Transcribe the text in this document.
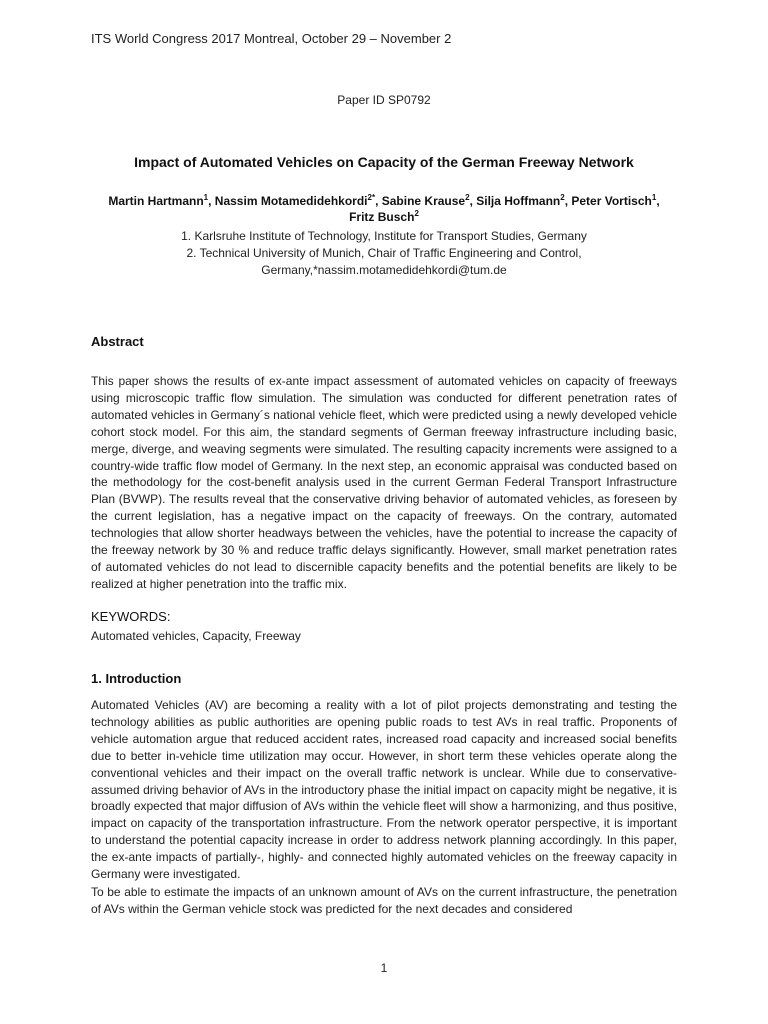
ITS World Congress 2017 Montreal, October 29 – November 2
Paper ID SP0792
Impact of Automated Vehicles on Capacity of the German Freeway Network
Martin Hartmann$^1$, Nassim Motamedidehkordi$^{2*}$, Sabine Krause$^2$, Silja Hoffmann$^2$, Peter Vortisch$^1$,
Fritz Busch$^2$
1. Karlsruhe Institute of Technology, Institute for Transport Studies, Germany
2. Technical University of Munich, Chair of Traffic Engineering and Control,
Germany,*nassim.motamedidehkordi@tum.de
Abstract
This paper shows the results of ex-ante impact assessment of automated vehicles on capacity of freeways using microscopic traffic flow simulation. The simulation was conducted for different penetration rates of automated vehicles in Germany´s national vehicle fleet, which were predicted using a newly developed vehicle cohort stock model. For this aim, the standard segments of German freeway infrastructure including basic, merge, diverge, and weaving segments were simulated. The resulting capacity increments were assigned to a country-wide traffic flow model of Germany. In the next step, an economic appraisal was conducted based on the methodology for the cost-benefit analysis used in the current German Federal Transport Infrastructure Plan (BVWP). The results reveal that the conservative driving behavior of automated vehicles, as foreseen by the current legislation, has a negative impact on the capacity of freeways. On the contrary, automated technologies that allow shorter headways between the vehicles, have the potential to increase the capacity of the freeway network by 30 % and reduce traffic delays significantly. However, small market penetration rates of automated vehicles do not lead to discernible capacity benefits and the potential benefits are likely to be realized at higher penetration into the traffic mix.
KEYWORDS:
Automated vehicles, Capacity, Freeway
1. Introduction
Automated Vehicles (AV) are becoming a reality with a lot of pilot projects demonstrating and testing the technology abilities as public authorities are opening public roads to test AVs in real traffic. Proponents of vehicle automation argue that reduced accident rates, increased road capacity and increased social benefits due to better in-vehicle time utilization may occur. However, in short term these vehicles operate along the conventional vehicles and their impact on the overall traffic network is unclear. While due to conservative-assumed driving behavior of AVs in the introductory phase the initial impact on capacity might be negative, it is broadly expected that major diffusion of AVs within the vehicle fleet will show a harmonizing, and thus positive, impact on capacity of the transportation infrastructure. From the network operator perspective, it is important to understand the potential capacity increase in order to address network planning accordingly. In this paper, the ex-ante impacts of partially-, highly- and connected highly automated vehicles on the freeway capacity in Germany were investigated.
To be able to estimate the impacts of an unknown amount of AVs on the current infrastructure, the penetration of AVs within the German vehicle stock was predicted for the next decades and considered
1
